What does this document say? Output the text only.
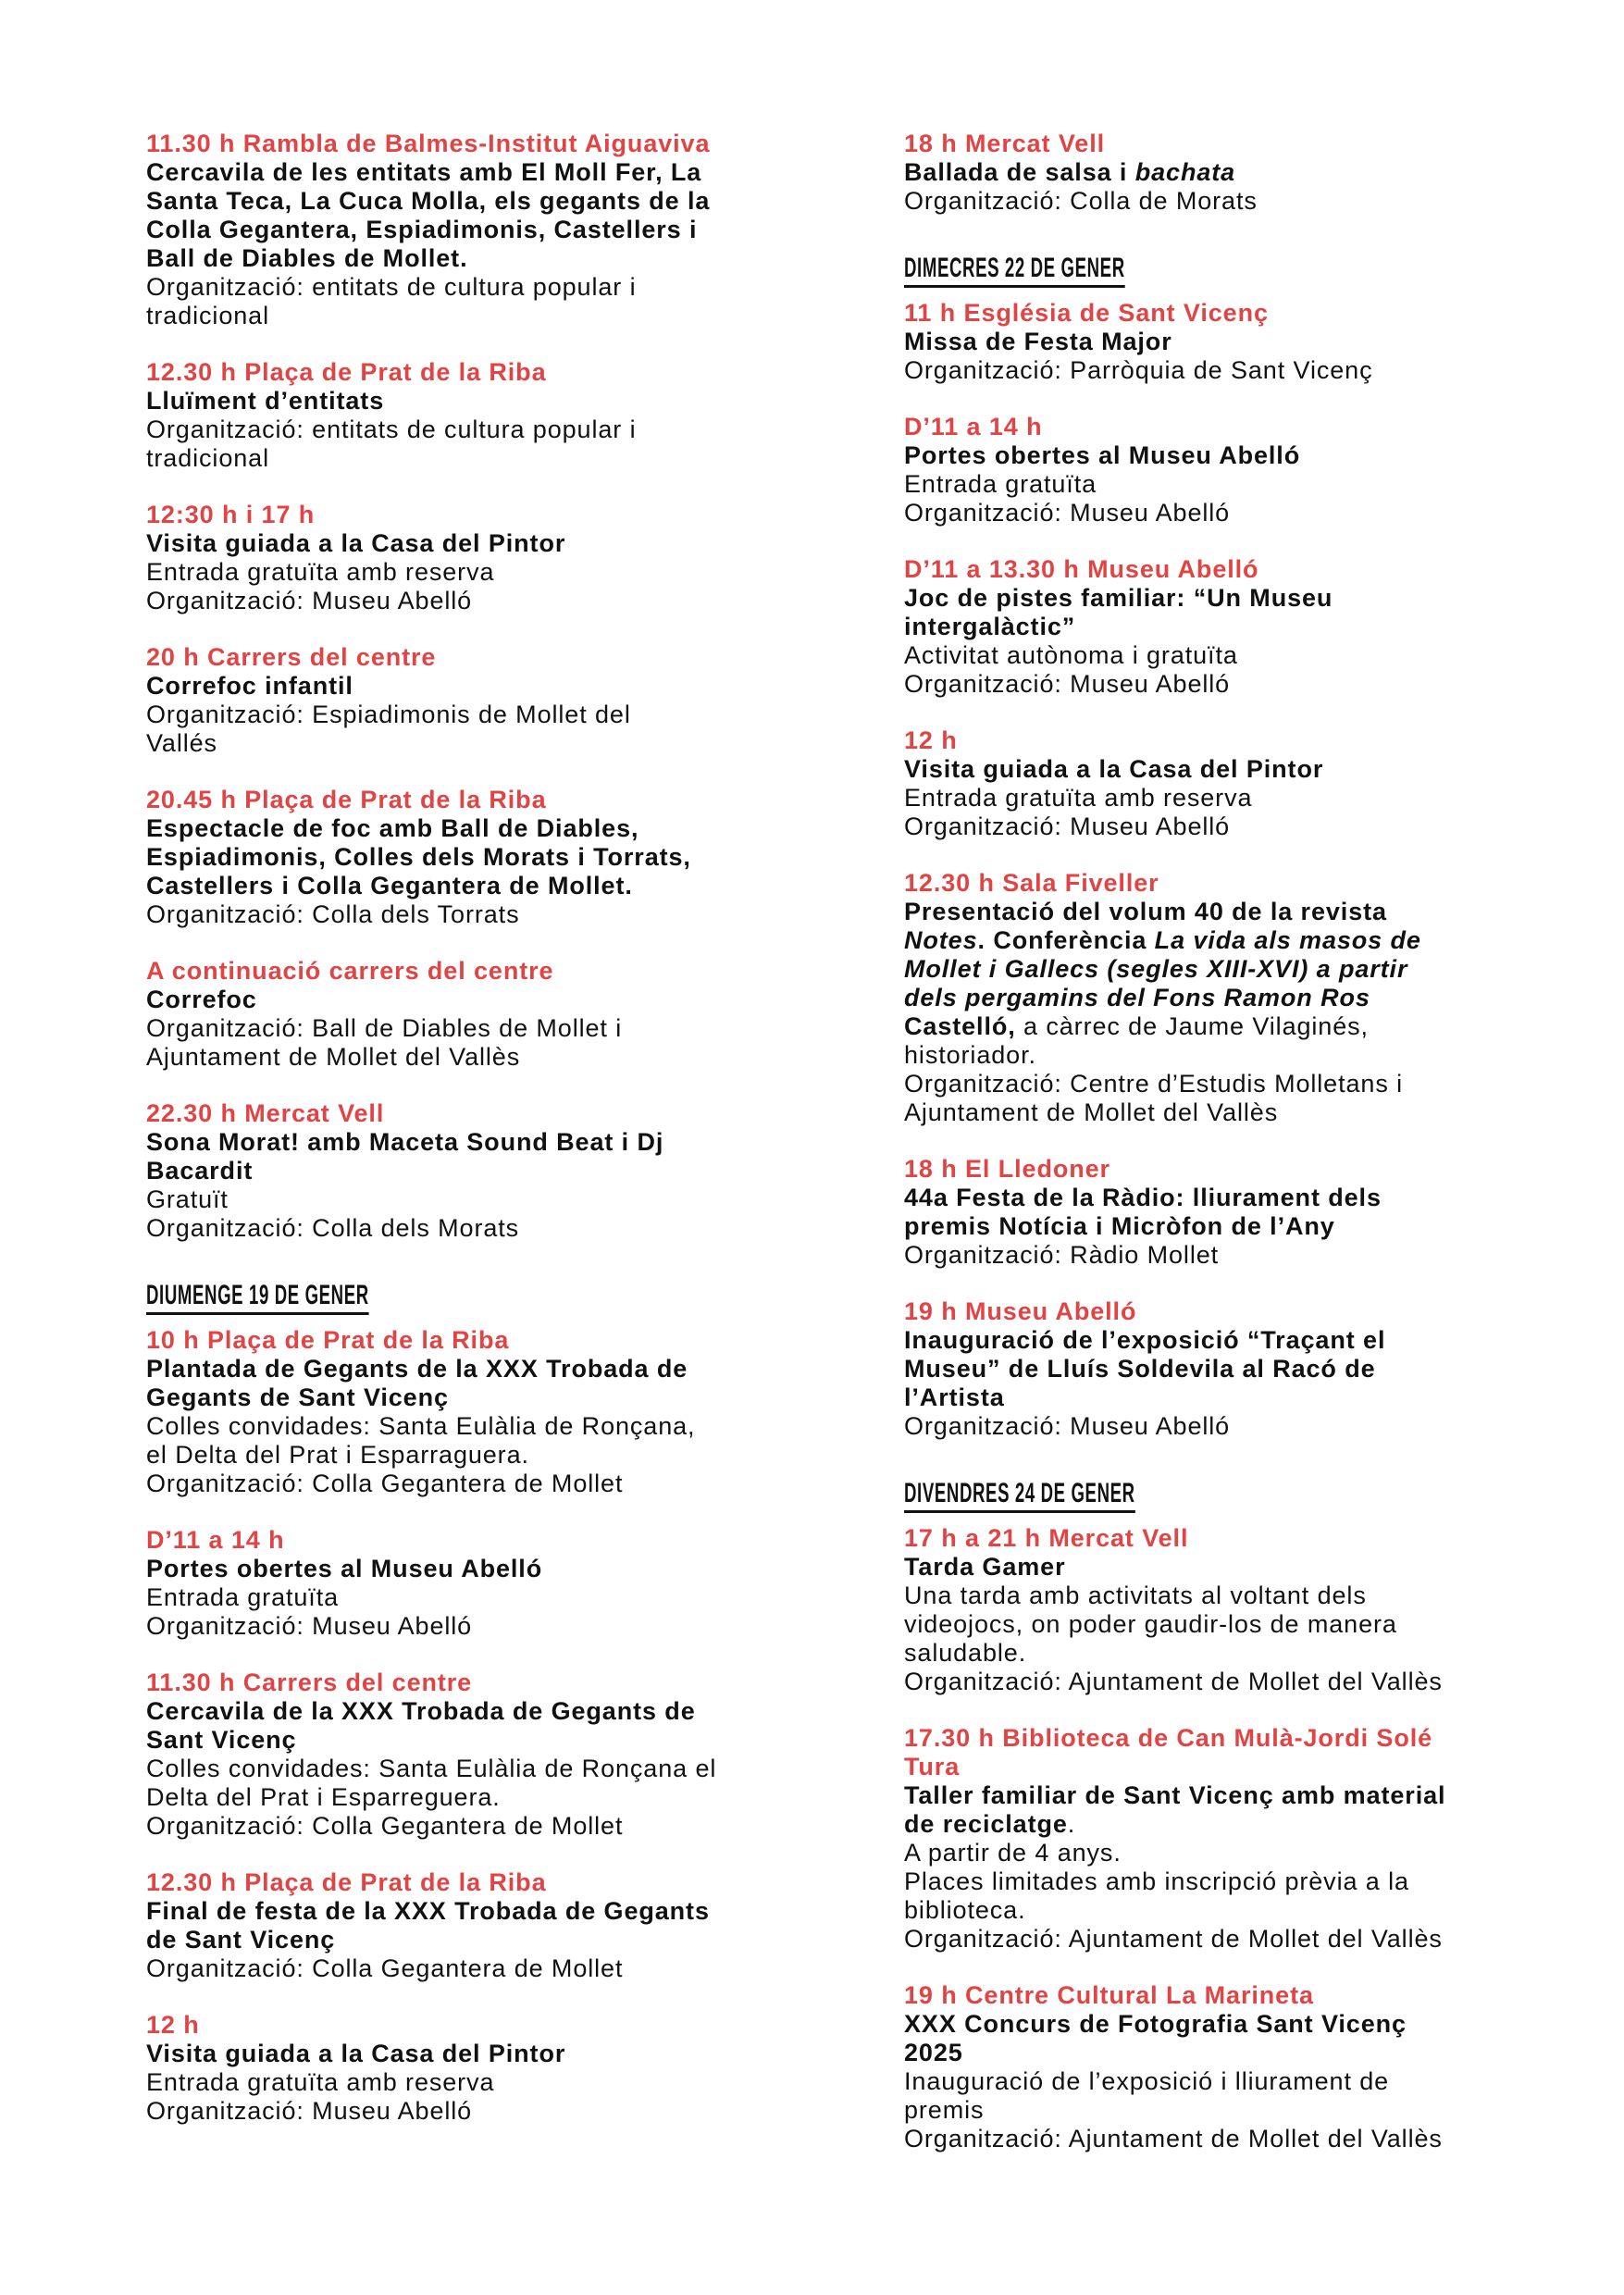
11.30 h Rambla de Balmes-Institut Aiguaviva
Cercavila de les entitats amb El Moll Fer, La
Santa Teca, La Cuca Molla, els gegants de la
Colla Gegantera, Espiadimonis, Castellers i
Ball de Diables de Mollet.
Organització: entitats de cultura popular i
tradicional
12.30 h Plaça de Prat de la Riba
Lluïment d’entitats
Organització: entitats de cultura popular i
tradicional
12:30 h i 17 h
Visita guiada a la Casa del Pintor
Entrada gratuïta amb reserva
Organització: Museu Abelló
20 h Carrers del centre
Correfoc infantil
Organització: Espiadimonis de Mollet del
Vallés
20.45 h Plaça de Prat de la Riba
Espectacle de foc amb Ball de Diables,
Espiadimonis, Colles dels Morats i Torrats,
Castellers i Colla Gegantera de Mollet.
Organització: Colla dels Torrats
A continuació carrers del centre
Correfoc
Organització: Ball de Diables de Mollet i
Ajuntament de Mollet del Vallès
22.30 h Mercat Vell
Sona Morat! amb Maceta Sound Beat i Dj
Bacardit
Gratuït
Organització: Colla dels Morats
DIUMENGE 19 DE GENER
10 h Plaça de Prat de la Riba
Plantada de Gegants de la XXX Trobada de
Gegants de Sant Vicenç
Colles convidades: Santa Eulàlia de Ronçana,
el Delta del Prat i Esparraguera.
Organització: Colla Gegantera de Mollet
D’11 a 14 h
Portes obertes al Museu Abelló
Entrada gratuïta
Organització: Museu Abelló
11.30 h Carrers del centre
Cercavila de la XXX Trobada de Gegants de
Sant Vicenç
Colles convidades: Santa Eulàlia de Ronçana el
Delta del Prat i Esparreguera.
Organització: Colla Gegantera de Mollet
12.30 h Plaça de Prat de la Riba
Final de festa de la XXX Trobada de Gegants
de Sant Vicenç
Organització: Colla Gegantera de Mollet
12 h
Visita guiada a la Casa del Pintor
Entrada gratuïta amb reserva
Organització: Museu Abelló
18 h Mercat Vell
Ballada de salsa i bachata
Organització: Colla de Morats
DIMECRES 22 DE GENER
11 h Església de Sant Vicenç
Missa de Festa Major
Organització: Parròquia de Sant Vicenç
D’11 a 14 h
Portes obertes al Museu Abelló
Entrada gratuïta
Organització: Museu Abelló
D’11 a 13.30 h Museu Abelló
Joc de pistes familiar: “Un Museu
intergalàctic”
Activitat autònoma i gratuïta
Organització: Museu Abelló
12 h
Visita guiada a la Casa del Pintor
Entrada gratuïta amb reserva
Organització: Museu Abelló
12.30 h Sala Fiveller
Presentació del volum 40 de la revista
Notes. Conferència La vida als masos de
Mollet i Gallecs (segles XIII-XVI) a partir
dels pergamins del Fons Ramon Ros
Castelló, a càrrec de Jaume Vilaginés,
historiador.
Organització: Centre d’Estudis Molletans i
Ajuntament de Mollet del Vallès
18 h El Lledoner
44a Festa de la Ràdio: lliurament dels
premis Notícia i Micròfon de l’Any
Organització: Ràdio Mollet
19 h Museu Abelló
Inauguració de l’exposició “Traçant el
Museu” de Lluís Soldevila al Racó de
l’Artista
Organització: Museu Abelló
DIVENDRES 24 DE GENER
17 h a 21 h Mercat Vell
Tarda Gamer
Una tarda amb activitats al voltant dels
videojocs, on poder gaudir-los de manera
saludable.
Organització: Ajuntament de Mollet del Vallès
17.30 h Biblioteca de Can Mulà-Jordi Solé
Tura
Taller familiar de Sant Vicenç amb material
de reciclatge.
A partir de 4 anys.
Places limitades amb inscripció prèvia a la
biblioteca.
Organització: Ajuntament de Mollet del Vallès
19 h Centre Cultural La Marineta
XXX Concurs de Fotografia Sant Vicenç
2025
Inauguració de l’exposició i lliurament de
premis
Organització: Ajuntament de Mollet del Vallès
